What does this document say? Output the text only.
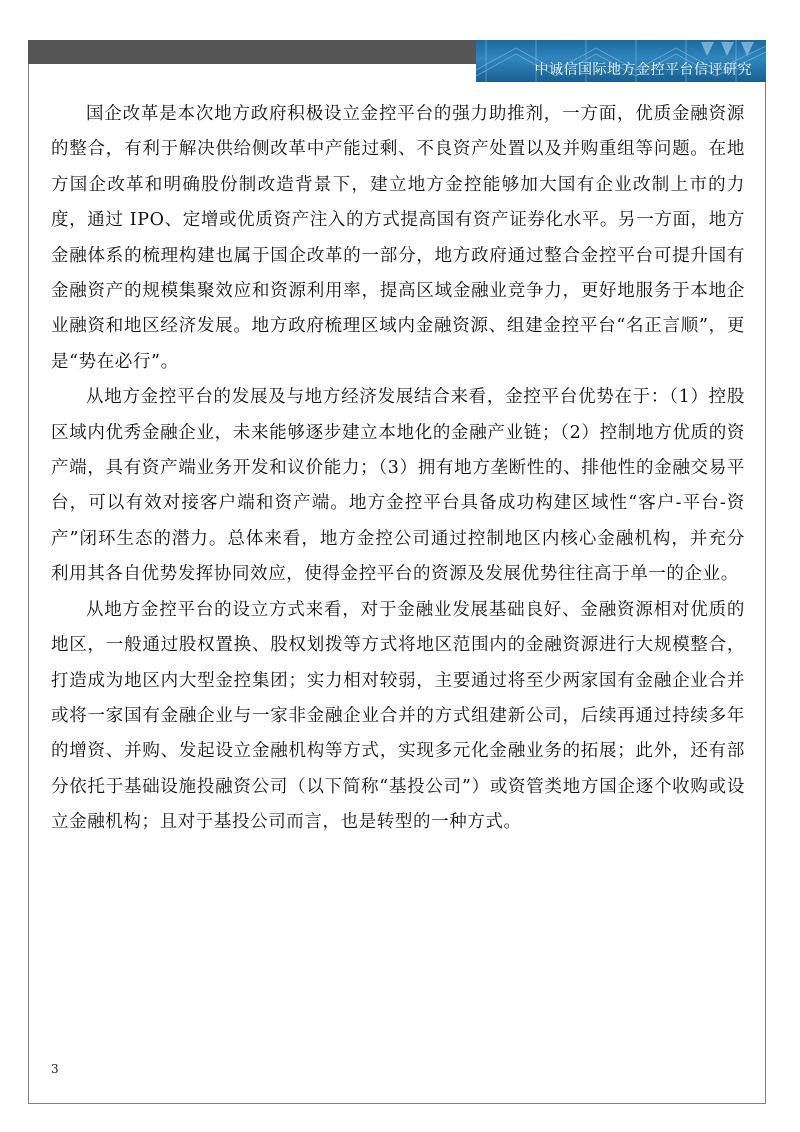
中诚信国际地方金控平台信评研究

国企改革是本次地方政府积极设立金控平台的强力助推剂，一方面，优质金融资源的整合，有利于解决供给侧改革中产能过剩、不良资产处置以及并购重组等问题。在地方国企改革和明确股份制改造背景下，建立地方金控能够加大国有企业改制上市的力度，通过 IPO、定增或优质资产注入的方式提高国有资产证券化水平。另一方面，地方金融体系的梳理构建也属于国企改革的一部分，地方政府通过整合金控平台可提升国有金融资产的规模集聚效应和资源利用率，提高区域金融业竞争力，更好地服务于本地企业融资和地区经济发展。地方政府梳理区域内金融资源、组建金控平台“名正言顺”，更是“势在必行”。

从地方金控平台的发展及与地方经济发展结合来看，金控平台优势在于：（1）控股区域内优秀金融企业，未来能够逐步建立本地化的金融产业链；（2）控制地方优质的资产端，具有资产端业务开发和议价能力；（3）拥有地方垄断性的、排他性的金融交易平台，可以有效对接客户端和资产端。地方金控平台具备成功构建区域性“客户-平台-资产”闭环生态的潜力。总体来看，地方金控公司通过控制地区内核心金融机构，并充分利用其各自优势发挥协同效应，使得金控平台的资源及发展优势往往高于单一的企业。

从地方金控平台的设立方式来看，对于金融业发展基础良好、金融资源相对优质的地区，一般通过股权置换、股权划拨等方式将地区范围内的金融资源进行大规模整合，打造成为地区内大型金控集团；实力相对较弱，主要通过将至少两家国有金融企业合并或将一家国有金融企业与一家非金融企业合并的方式组建新公司，后续再通过持续多年的增资、并购、发起设立金融机构等方式，实现多元化金融业务的拓展；此外，还有部分依托于基础设施投融资公司（以下简称“基投公司”）或资管类地方国企逐个收购或设立金融机构；且对于基投公司而言，也是转型的一种方式。

3
